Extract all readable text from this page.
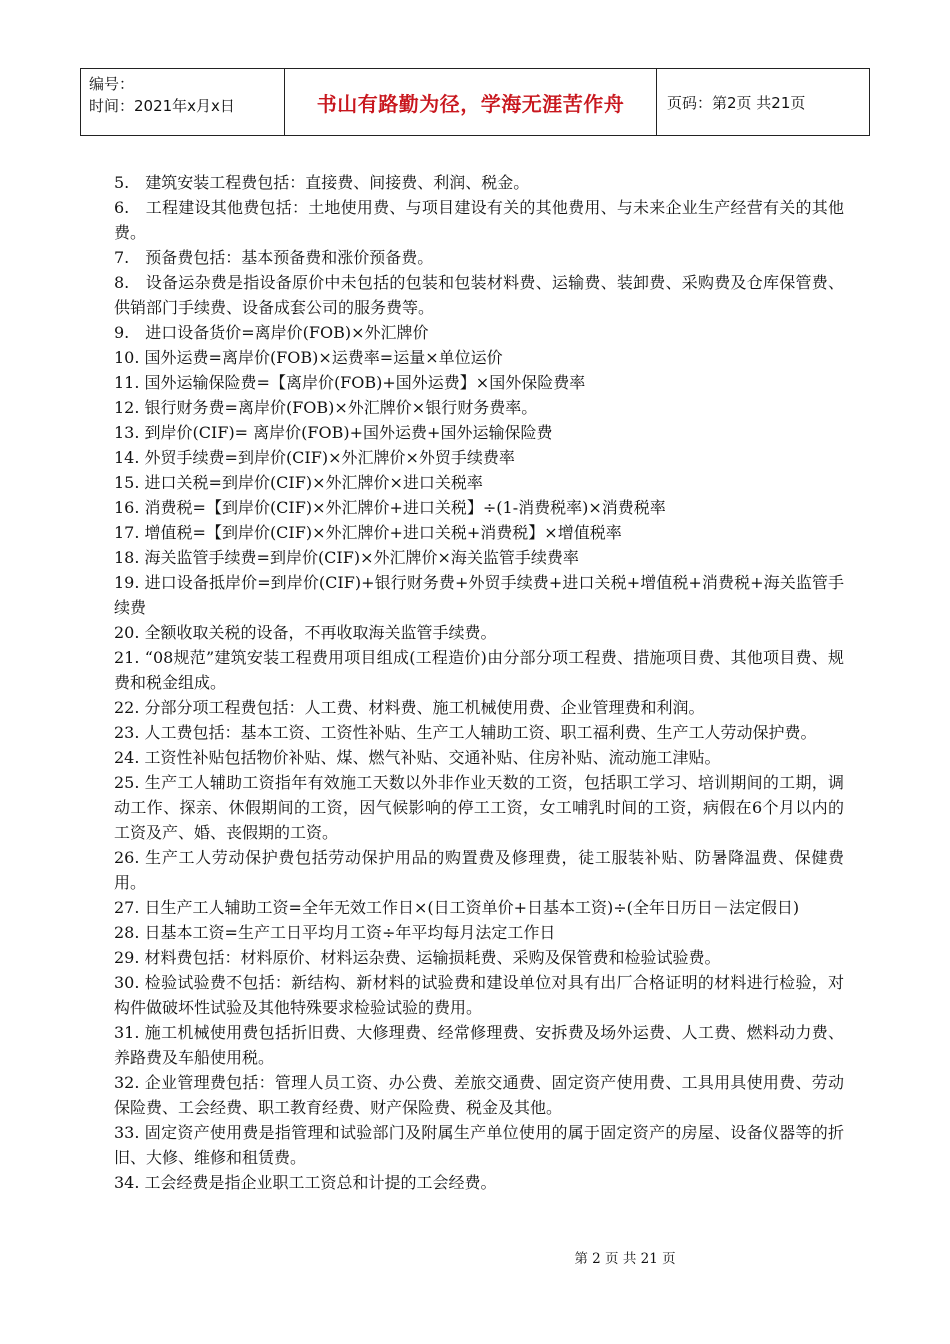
编号：
时间：2021年x月x日	书山有路勤为径，学海无涯苦作舟	页码：第2页 共21页

5.　建筑安装工程费包括：直接费、间接费、利润、税金。

6.　工程建设其他费包括：土地使用费、与项目建设有关的其他费用、与未来企业生产经营有关的其他费。

7.　预备费包括：基本预备费和涨价预备费。

8.　设备运杂费是指设备原价中未包括的包装和包装材料费、运输费、装卸费、采购费及仓库保管费、供销部门手续费、设备成套公司的服务费等。

9.　进口设备货价=离岸价(FOB)×外汇牌价

10. 国外运费=离岸价(FOB)×运费率=运量×单位运价

11. 国外运输保险费=【离岸价(FOB)+国外运费】×国外保险费率

12. 银行财务费=离岸价(FOB)×外汇牌价×银行财务费率。

13. 到岸价(CIF)= 离岸价(FOB)+国外运费+国外运输保险费

14. 外贸手续费=到岸价(CIF)×外汇牌价×外贸手续费率

15. 进口关税=到岸价(CIF)×外汇牌价×进口关税率

16. 消费税=【到岸价(CIF)×外汇牌价+进口关税】÷(1-消费税率)×消费税率

17. 增值税=【到岸价(CIF)×外汇牌价+进口关税+消费税】×增值税率

18. 海关监管手续费=到岸价(CIF)×外汇牌价×海关监管手续费率

19. 进口设备抵岸价=到岸价(CIF)+银行财务费+外贸手续费+进口关税+增值税+消费税+海关监管手续费

20. 全额收取关税的设备，不再收取海关监管手续费。

21. “08规范”建筑安装工程费用项目组成(工程造价)由分部分项工程费、措施项目费、其他项目费、规费和税金组成。

22. 分部分项工程费包括：人工费、材料费、施工机械使用费、企业管理费和利润。

23. 人工费包括：基本工资、工资性补贴、生产工人辅助工资、职工福利费、生产工人劳动保护费。

24. 工资性补贴包括物价补贴、煤、燃气补贴、交通补贴、住房补贴、流动施工津贴。

25. 生产工人辅助工资指年有效施工天数以外非作业天数的工资，包括职工学习、培训期间的工期，调动工作、探亲、休假期间的工资，因气候影响的停工工资，女工哺乳时间的工资，病假在6个月以内的工资及产、婚、丧假期的工资。

26. 生产工人劳动保护费包括劳动保护用品的购置费及修理费，徒工服装补贴、防暑降温费、保健费用。

27. 日生产工人辅助工资=全年无效工作日×(日工资单价+日基本工资)÷(全年日历日－法定假日)

28. 日基本工资=生产工日平均月工资÷年平均每月法定工作日

29. 材料费包括：材料原价、材料运杂费、运输损耗费、采购及保管费和检验试验费。

30. 检验试验费不包括：新结构、新材料的试验费和建设单位对具有出厂合格证明的材料进行检验，对构件做破坏性试验及其他特殊要求检验试验的费用。

31. 施工机械使用费包括折旧费、大修理费、经常修理费、安拆费及场外运费、人工费、燃料动力费、养路费及车船使用税。

32. 企业管理费包括：管理人员工资、办公费、差旅交通费、固定资产使用费、工具用具使用费、劳动保险费、工会经费、职工教育经费、财产保险费、税金及其他。

33. 固定资产使用费是指管理和试验部门及附属生产单位使用的属于固定资产的房屋、设备仪器等的折旧、大修、维修和租赁费。

34. 工会经费是指企业职工工资总和计提的工会经费。

第 2 页 共 21 页
